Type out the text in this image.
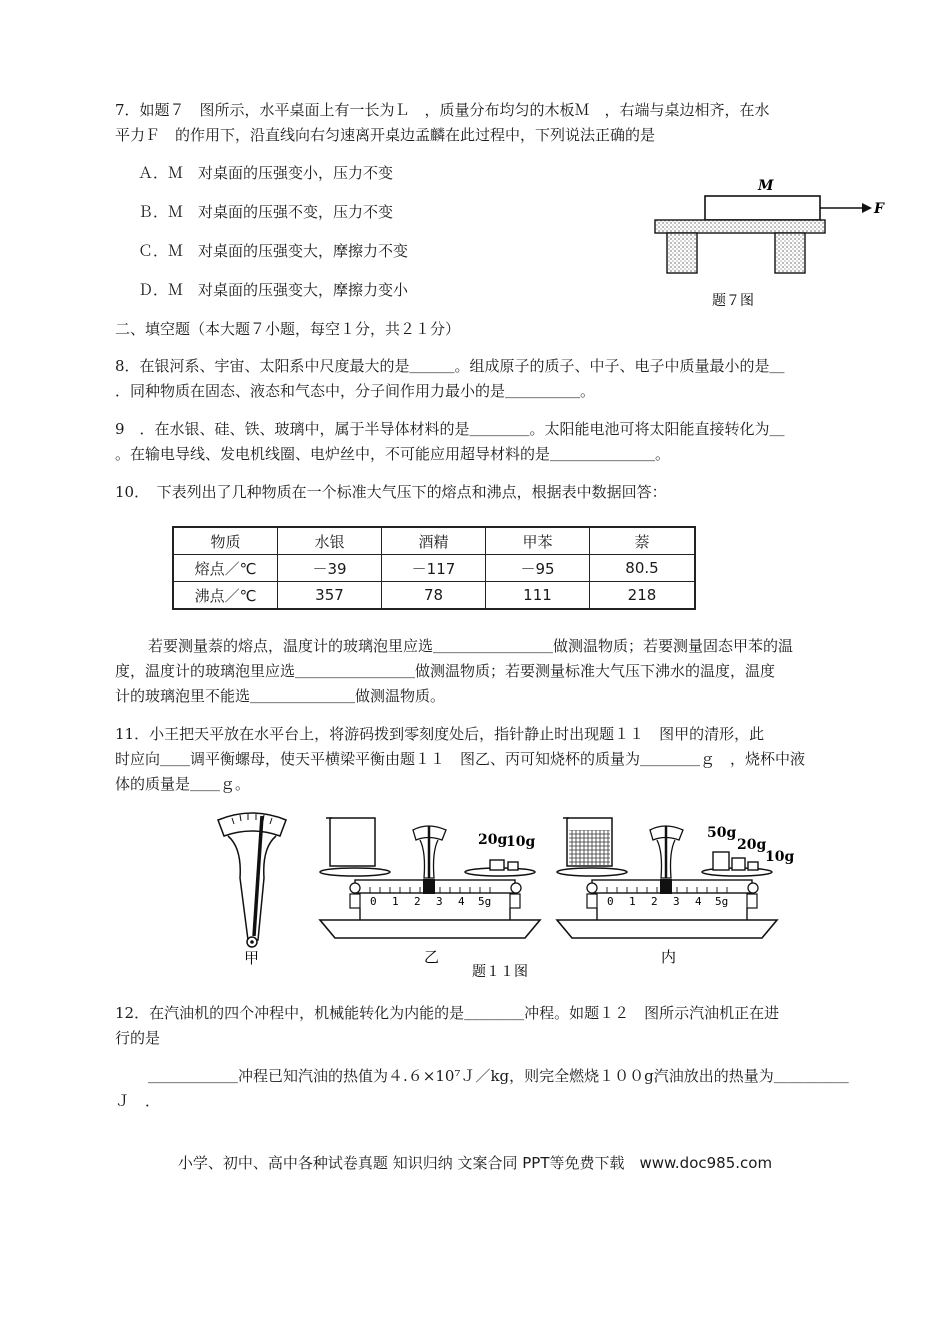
7．如题７　图所示，水平桌面上有一长为Ｌ　，质量分布均匀的木板Ｍ　，右端与桌边相齐，在水
平力Ｆ　的作用下，沿直线向右匀速离开桌边孟麟在此过程中，下列说法正确的是
Ａ．Ｍ　对桌面的压强变小，压力不变
Ｂ．Ｍ　对桌面的压强不变，压力不变
Ｃ．Ｍ　对桌面的压强变大，摩擦力不变
Ｄ．Ｍ　对桌面的压强变大，摩擦力变小
M
F
题７图
二、填空题（本大题７小题，每空１分，共２１分）
8．在银河系、宇宙、太阳系中尺度最大的是＿＿＿。组成原子的质子、中子、电子中质量最小的是＿
．同种物质在固态、液态和气态中，分子间作用力最小的是＿＿＿＿＿。
9　．在水银、硅、铁、玻璃中，属于半导体材料的是＿＿＿＿。太阳能电池可将太阳能直接转化为＿
。在输电导线、发电机线圈、电炉丝中，不可能应用超导材料的是＿＿＿＿＿＿＿。
10．　下表列出了几种物质在一个标准大气压下的熔点和沸点，根据表中数据回答：
物质	水银	酒精	甲苯	萘
熔点／℃	－39	－117	－95	80.5
沸点／℃	357	78	111	218
若要测量萘的熔点，温度计的玻璃泡里应选＿＿＿＿＿＿＿＿做测温物质；若要测量固态甲苯的温
度，温度计的玻璃泡里应选＿＿＿＿＿＿＿＿做测温物质；若要测量标准大气压下沸水的温度，温度
计的玻璃泡里不能选＿＿＿＿＿＿＿做测温物质。
11．小王把天平放在水平台上，将游码拨到零刻度处后，指针静止时出现题１１　图甲的清形，此
时应向＿＿调平衡螺母，使天平横梁平衡由题１１　图乙、丙可知烧杯的质量为＿＿＿＿ｇ　，烧杯中液
体的质量是＿＿ｇ。
甲
20g
10g
0 1 2 3 4 5g
乙
50g
20g
10g
0 1 2 3 4 5g
内
题１１图
12．在汽油机的四个冲程中，机械能转化为内能的是＿＿＿＿冲程。如题１２　图所示汽油机正在进
行的是
＿＿＿＿＿＿冲程已知汽油的热值为４.６×10⁷Ｊ／kg，则完全燃烧１００g汽油放出的热量为＿＿＿＿＿
Ｊ　．
小学、初中、高中各种试卷真题 知识归纳 文案合同 PPT等免费下载　www.doc985.com
